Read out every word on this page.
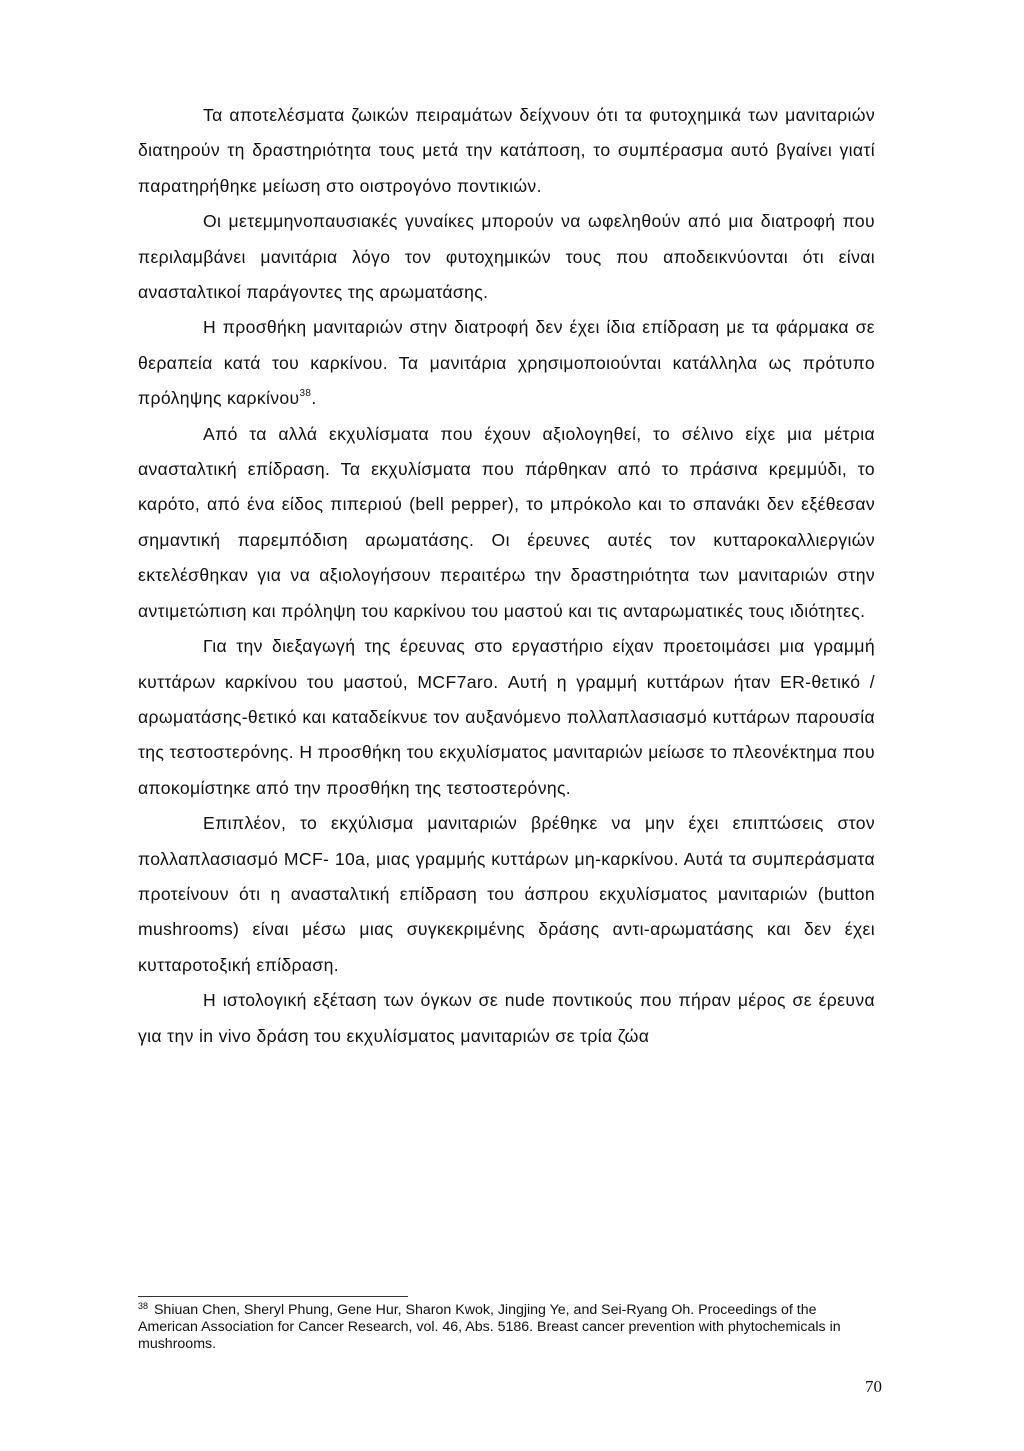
Τα αποτελέσματα ζωικών πειραμάτων δείχνουν ότι τα φυτοχημικά των μανιταριών διατηρούν τη δραστηριότητα τους μετά την κατάποση, το συμπέρασμα αυτό βγαίνει γιατί παρατηρήθηκε μείωση στο οιστρογόνο ποντικιών.

Οι μετεμμηνοπαυσιακές γυναίκες μπορούν να ωφεληθούν από μια διατροφή που περιλαμβάνει μανιτάρια λόγο τον φυτοχημικών τους που αποδεικνύονται ότι είναι ανασταλτικοί παράγοντες της αρωματάσης.

Η προσθήκη μανιταριών στην διατροφή δεν έχει ίδια επίδραση με τα φάρμακα σε θεραπεία κατά του καρκίνου. Τα μανιτάρια χρησιμοποιούνται κατάλληλα ως πρότυπο πρόληψης καρκίνου$^{38}$.

Από τα αλλά εκχυλίσματα που έχουν αξιολογηθεί, το σέλινο είχε μια μέτρια ανασταλτική επίδραση. Τα εκχυλίσματα που πάρθηκαν από το πράσινα κρεμμύδι, το καρότο, από ένα είδος πιπεριού (bell pepper), το μπρόκολο και το σπανάκι δεν εξέθεσαν σημαντική παρεμπόδιση αρωματάσης. Οι έρευνες αυτές τον κυτταροκαλλιεργιών εκτελέσθηκαν για να αξιολογήσουν περαιτέρω την δραστηριότητα των μανιταριών στην αντιμετώπιση και πρόληψη του καρκίνου του μαστού και τις ανταρωματικές τους ιδιότητες.

Για την διεξαγωγή της έρευνας στο εργαστήριο είχαν προετοιμάσει μια γραμμή κυττάρων καρκίνου του μαστού, MCF7aro. Αυτή η γραμμή κυττάρων ήταν ER-θετικό / αρωματάσης-θετικό και καταδείκνυε τον αυξανόμενο πολλαπλασιασμό κυττάρων παρουσία της τεστοστερόνης. Η προσθήκη του εκχυλίσματος μανιταριών μείωσε το πλεονέκτημα που αποκομίστηκε από την προσθήκη της τεστοστερόνης.

Επιπλέον, το εκχύλισμα μανιταριών βρέθηκε να μην έχει επιπτώσεις στον πολλαπλασιασμό MCF- 10a, μιας γραμμής κυττάρων μη-καρκίνου. Αυτά τα συμπεράσματα προτείνουν ότι η ανασταλτική επίδραση του άσπρου εκχυλίσματος μανιταριών (button mushrooms) είναι μέσω μιας συγκεκριμένης δράσης αντι-αρωματάσης και δεν έχει κυτταροτοξική επίδραση.

Η ιστολογική εξέταση των όγκων σε nude ποντικούς που πήραν μέρος σε έρευνα για την in vivo δράση του εκχυλίσματος μανιταριών σε τρία ζώα

$^{38}$ Shiuan Chen, Sheryl Phung, Gene Hur, Sharon Kwok, Jingjing Ye, and Sei-Ryang Oh. Proceedings of the American Association for Cancer Research, vol. 46, Abs. 5186. Breast cancer prevention with phytochemicals in mushrooms.

70
